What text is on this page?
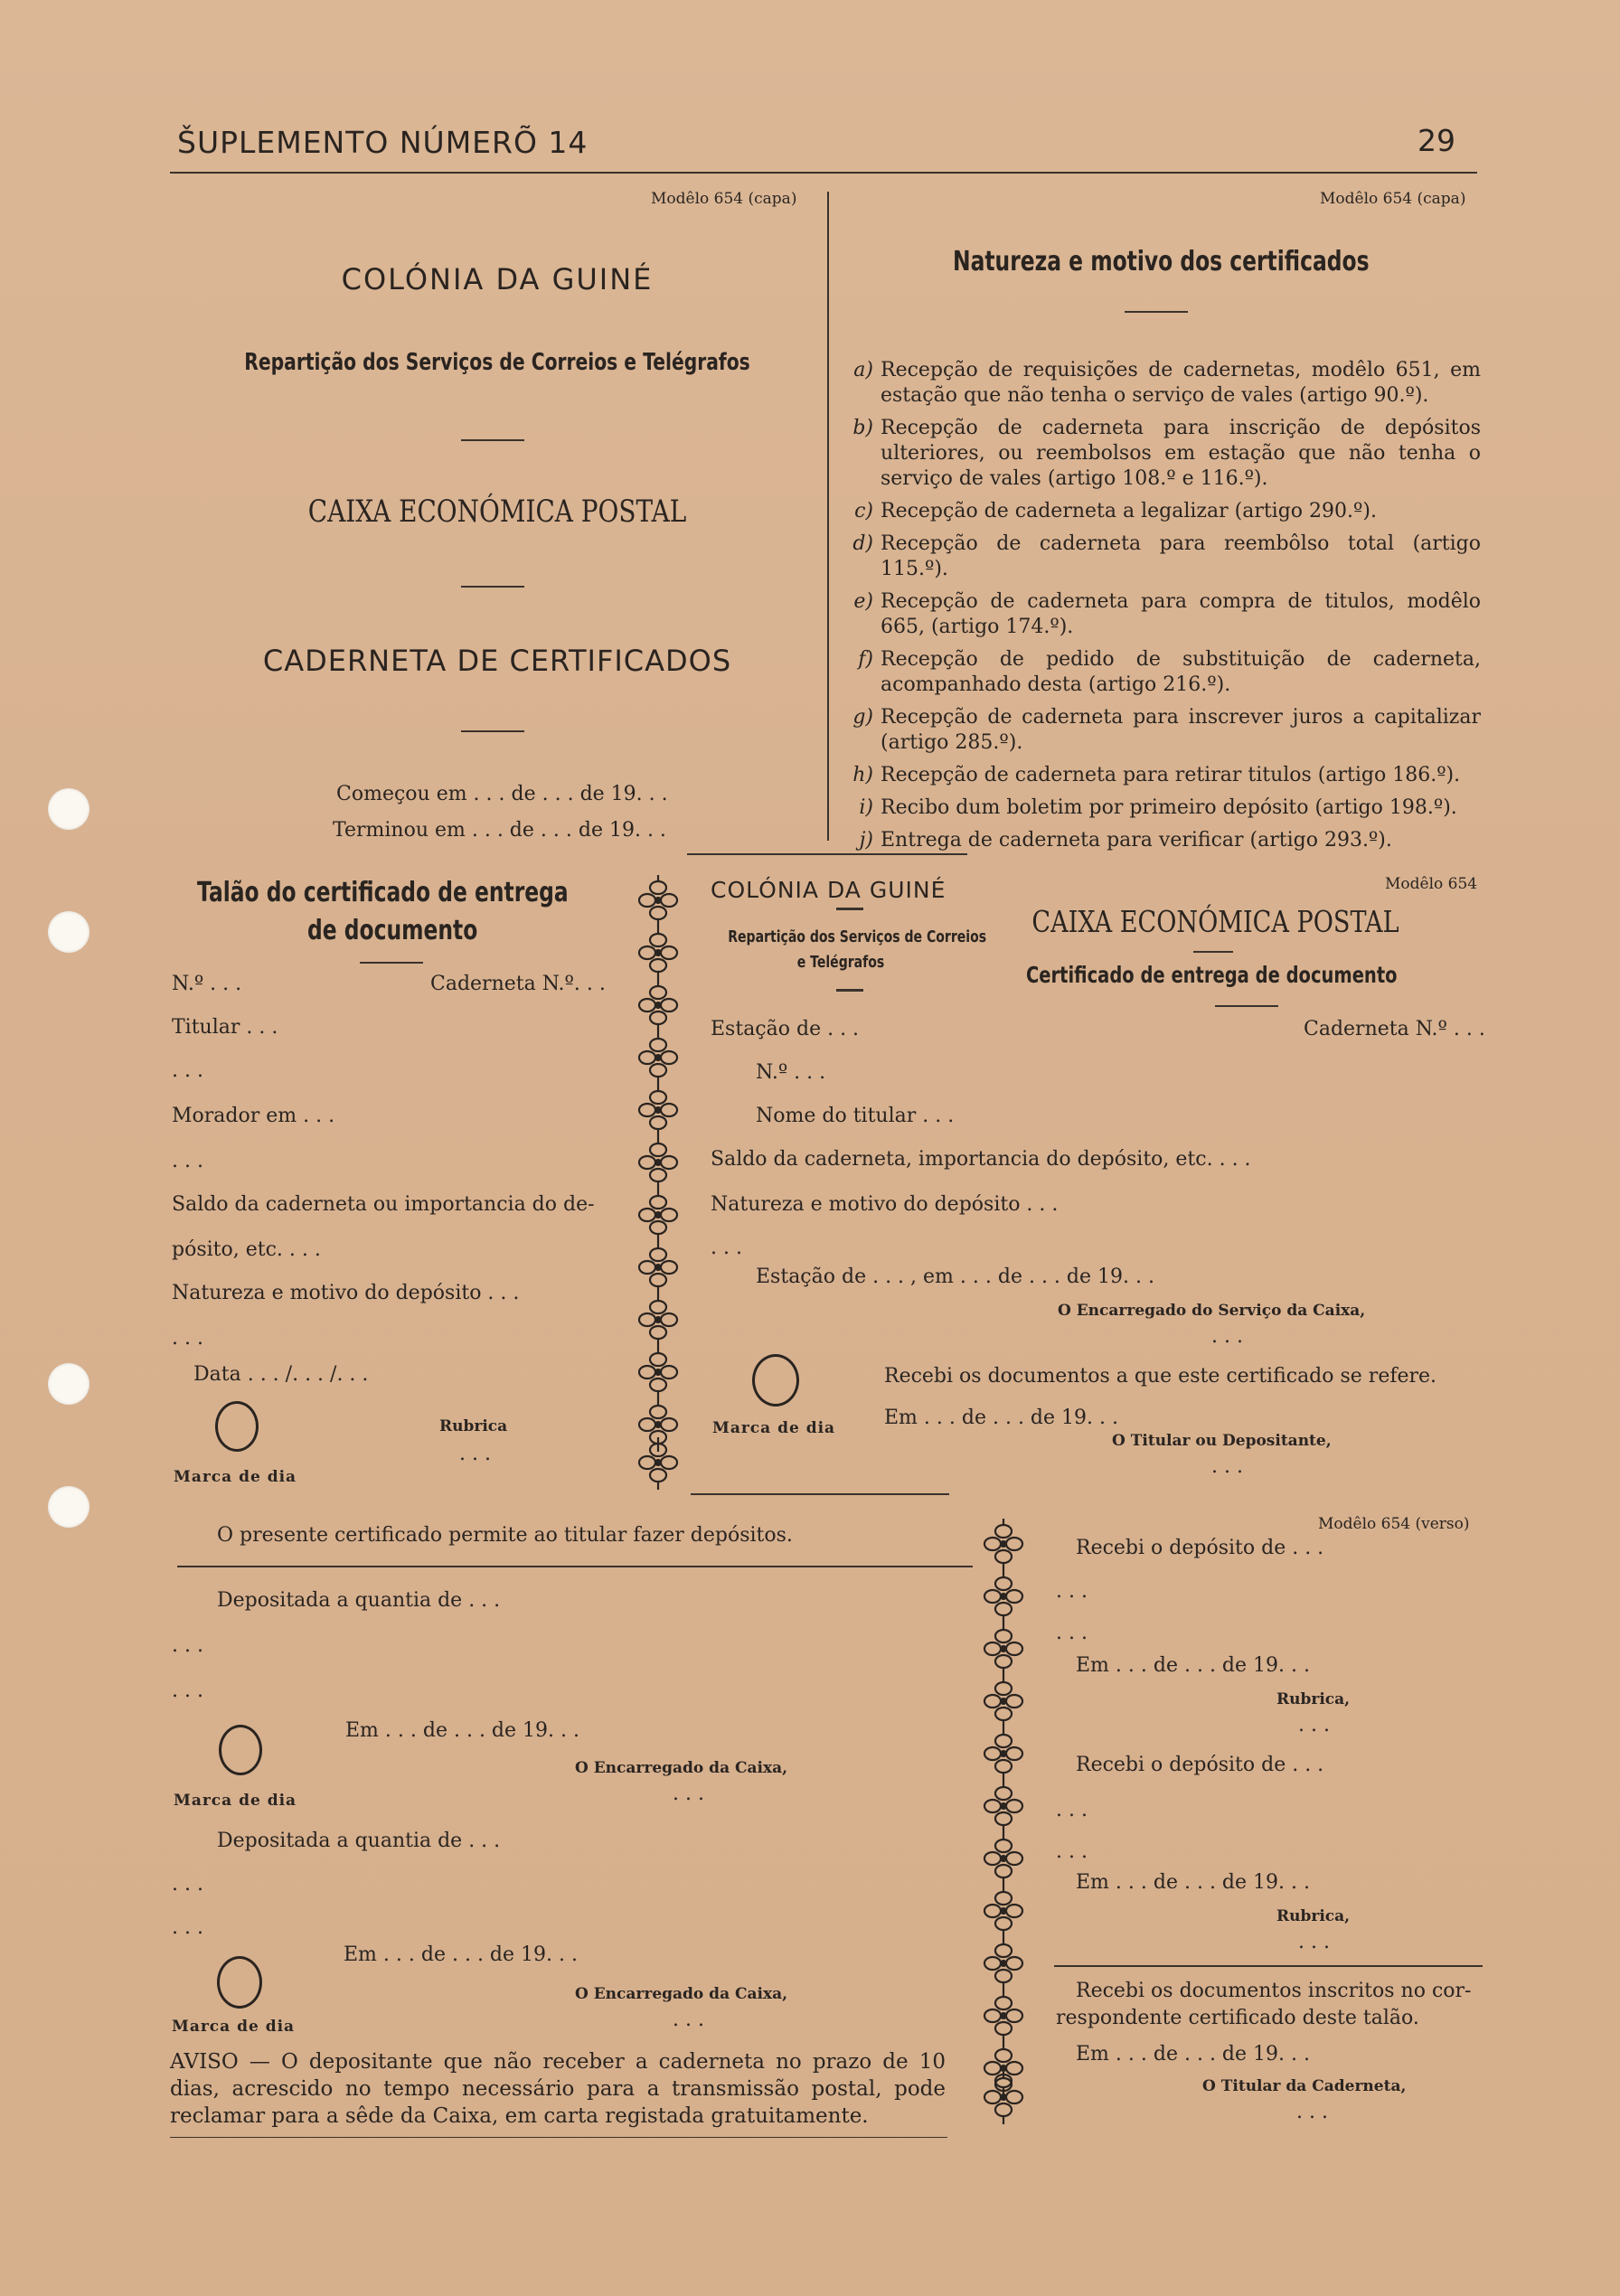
ŠUPLEMENTO NÚMERÕ 14	29
Modêlo 654 (capa)
COLÓNIA DA GUINÉ
Repartição dos Serviços de Correios e Telégrafos
CAIXA ECONÓMICA POSTAL
CADERNETA DE CERTIFICADOS
Começou em . . . de . . . de 19. . .
Terminou em . . . de . . . de 19. . .
Modêlo 654 (capa)
Natureza e motivo dos certificados
a) Recepção de requisições de cadernetas, modêlo 651, em estação que não tenha o serviço de vales (artigo 90.º).
b) Recepção de caderneta para inscrição de depósitos ulteriores, ou reembolsos em estação que não tenha o serviço de vales (artigo 108.º e 116.º).
c) Recepção de caderneta a legalizar (artigo 290.º).
d) Recepção de caderneta para reembôlso total (artigo 115.º).
e) Recepção de caderneta para compra de titulos, modêlo 665, (artigo 174.º).
f) Recepção de pedido de substituição de caderneta, acompanhado desta (artigo 216.º).
g) Recepção de caderneta para inscrever juros a capitalizar (artigo 285.º).
h) Recepção de caderneta para retirar titulos (artigo 186.º).
i) Recibo dum boletim por primeiro depósito (artigo 198.º).
j) Entrega de caderneta para verificar (artigo 293.º).
Talão do certificado de entrega
de documento
N.º . . .	Caderneta N.º. . .
Titular . . .
. . .
Morador em . . .
. . .
Saldo da caderneta ou importancia do de-
pósito, etc. . . .
Natureza e motivo do depósito . . .
. . .
Data . . . /. . . /. . .
Rubrica
. . .
Marca de dia
COLÓNIA DA GUINÉ
Repartição dos Serviços de Correios
e Telégrafos
Modêlo 654
CAIXA ECONÓMICA POSTAL
Certificado de entrega de documento
Estação de . . .	Caderneta N.º . . .
N.º . . .
Nome do titular . . .
Saldo da caderneta, importancia do depósito, etc. . . .
Natureza e motivo do depósito . . .
. . .
Estação de . . . , em . . . de . . . de 19. . .
O Encarregado do Serviço da Caixa,
. . .
Marca de dia
Recebi os documentos a que este certificado se refere.
Em . . . de . . . de 19. . .
O Titular ou Depositante,
. . .
O presente certificado permite ao titular fazer depósitos.
Depositada a quantia de . . .
. . .
. . .
Em . . . de . . . de 19. . .
O Encarregado da Caixa,
. . .
Marca de dia
Depositada a quantia de . . .
. . .
. . .
Em . . . de . . . de 19. . .
O Encarregado da Caixa,
. . .
Marca de dia
AVISO — O depositante que não receber a caderneta no prazo de 10 dias, acrescido no tempo necessário para a transmissão postal, pode reclamar para a sêde da Caixa, em carta registada gratuitamente.
Modêlo 654 (verso)
Recebi o depósito de . . .
. . .
. . .
Em . . . de . . . de 19. . .
Rubrica,
. . .
Recebi o depósito de . . .
. . .
. . .
Em . . . de . . . de 19. . .
Rubrica,
. . .
Recebi os documentos inscritos no cor-
respondente certificado deste talão.
Em . . . de . . . de 19. . .
O Titular da Caderneta,
. . .
